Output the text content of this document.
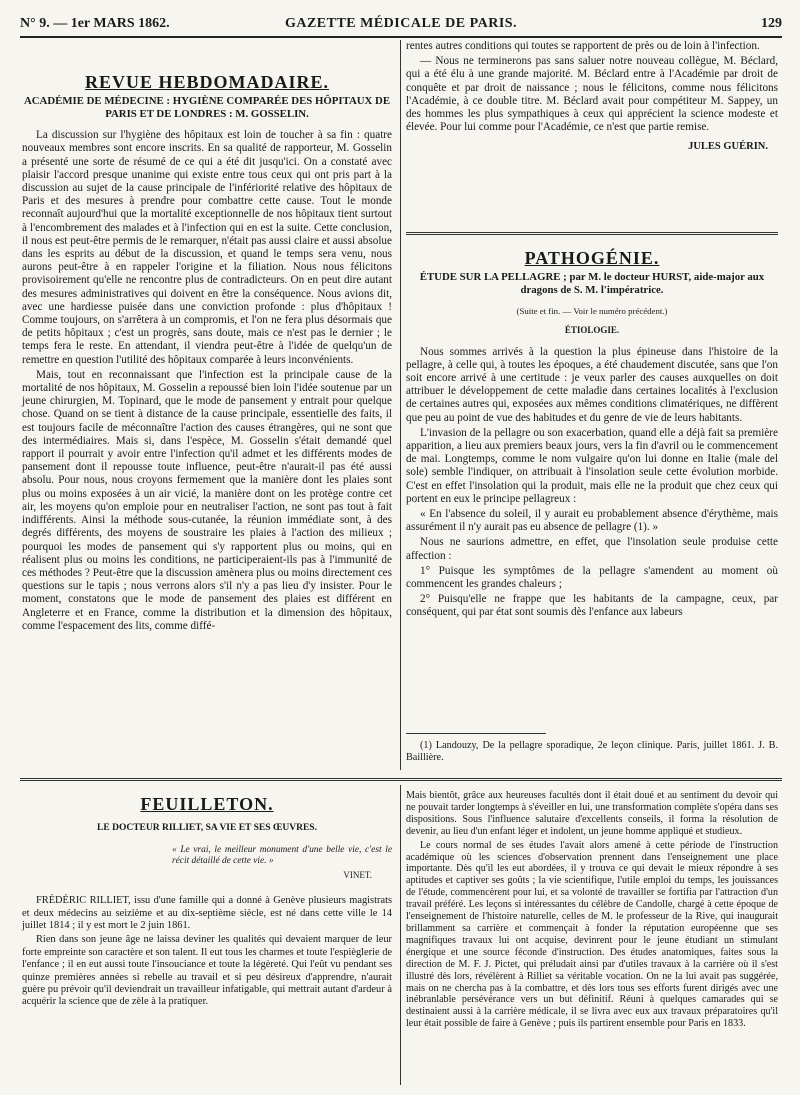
N° 9. — 1er MARS 1862.	GAZETTE MÉDICALE DE PARIS.	129
REVUE HEBDOMADAIRE.
ACADÉMIE DE MÉDECINE : HYGIÈNE COMPARÉE DES HÔPITAUX DE PARIS ET DE LONDRES : M. GOSSELIN.

La discussion sur l'hygiène des hôpitaux est loin de toucher à sa fin : quatre nouveaux membres sont encore inscrits. En sa qualité de rapporteur, M. Gosselin a présenté une sorte de résumé de ce qui a été dit jusqu'ici. On a constaté avec plaisir l'accord presque unanime qui existe entre tous ceux qui ont pris part à la discussion au sujet de la cause principale de l'infériorité relative des hôpitaux de Paris et des mesures à prendre pour combattre cette cause. Tout le monde reconnaît aujourd'hui que la mortalité exceptionnelle de nos hôpitaux tient surtout à l'encombrement des malades et à l'infection qui en est la suite. Cette conclusion, il nous est peut-être permis de le remarquer, n'était pas aussi claire et aussi absolue dans les esprits au début de la discussion, et quand le temps sera venu, nous aurons peut-être à en rappeler l'origine et la filiation. Nous nous félicitons provisoirement qu'elle ne rencontre plus de contradicteurs. On en peut dire autant des mesures administratives qui doivent en être la conséquence. Nous avions dit, avec une hardiesse puisée dans une conviction profonde : plus d'hôpitaux ! Comme toujours, on s'arrêtera à un compromis, et l'on ne fera plus désormais que de petits hôpitaux ; c'est un progrès, sans doute, mais ce n'est pas le dernier ; le temps fera le reste. En attendant, il viendra peut-être à l'idée de quelqu'un de remettre en question l'utilité des hôpitaux comparée à leurs inconvénients.

Mais, tout en reconnaissant que l'infection est la principale cause de la mortalité de nos hôpitaux, M. Gosselin a repoussé bien loin l'idée soutenue par un jeune chirurgien, M. Topinard, que le mode de pansement y entrait pour quelque chose. Quand on se tient à distance de la cause principale, essentielle des faits, il est toujours facile de méconnaître l'action des causes étrangères, qui ne sont que des intermédiaires. Mais si, dans l'espèce, M. Gosselin s'était demandé quel rapport il pourrait y avoir entre l'infection qu'il admet et les différents modes de pansement dont il repousse toute influence, peut-être n'aurait-il pas été aussi absolu. Pour nous, nous croyons fermement que la manière dont les plaies sont plus ou moins exposées à un air vicié, la manière dont on les protège contre cet air, les moyens qu'on emploie pour en neutraliser l'action, ne sont pas tout à fait indifférents. Ainsi la méthode sous-cutanée, la réunion immédiate sont, à des degrés différents, des moyens de soustraire les plaies à l'action des milieux ; pourquoi les modes de pansement qui s'y rapportent plus ou moins, qui en réalisent plus ou moins les conditions, ne participeraient-ils pas à l'immunité de ces méthodes ? Peut-être que la discussion amènera plus ou moins directement ces questions sur le tapis ; nous verrons alors s'il n'y a pas lieu d'y insister. Pour le moment, constatons que le mode de pansement des plaies est différent en Angleterre et en France, comme la distribution et la dimension des hôpitaux, comme l'espacement des lits, comme diffé-

rentes autres conditions qui toutes se rapportent de près ou de loin à l'infection.

— Nous ne terminerons pas sans saluer notre nouveau collègue, M. Béclard, qui a été élu à une grande majorité. M. Béclard entre à l'Académie par droit de conquête et par droit de naissance ; nous le félicitons, comme nous félicitons l'Académie, à ce double titre. M. Béclard avait pour compétiteur M. Sappey, un des hommes les plus sympathiques à ceux qui apprécient la science modeste et élevée. Pour lui comme pour l'Académie, ce n'est que partie remise.

JULES GUÉRIN.
PATHOGÉNIE.
ÉTUDE SUR LA PELLAGRE ; par M. le docteur HURST, aide-major aux dragons de S. M. l'impératrice.
(Suite et fin. — Voir le numéro précédent.)
ÉTIOLOGIE.

Nous sommes arrivés à la question la plus épineuse dans l'histoire de la pellagre, à celle qui, à toutes les époques, a été chaudement discutée, sans que l'on soit encore arrivé à une certitude : je veux parler des causes auxquelles on doit attribuer le développement de cette maladie dans certaines localités à l'exclusion de certaines autres qui, exposées aux mêmes conditions climatériques, ne diffèrent que peu au point de vue des habitudes et du genre de vie de leurs habitants.

L'invasion de la pellagre ou son exacerbation, quand elle a déjà fait sa première apparition, a lieu aux premiers beaux jours, vers la fin d'avril ou le commencement de mai. Longtemps, comme le nom vulgaire qu'on lui donne en Italie (male del sole) semble l'indiquer, on attribuait à l'insolation seule cette évolution morbide. C'est en effet l'insolation qui la produit, mais elle ne la produit que chez ceux qui portent en eux le principe pellagreux :

« En l'absence du soleil, il y aurait eu probablement absence d'érythème, mais assurément il n'y aurait pas eu absence de pellagre (1). »

Nous ne saurions admettre, en effet, que l'insolation seule produise cette affection :

1° Puisque les symptômes de la pellagre s'amendent au moment où commencent les grandes chaleurs ;

2° Puisqu'elle ne frappe que les habitants de la campagne, ceux, par conséquent, qui par état sont soumis dès l'enfance aux labeurs

(1) Landouzy, De la pellagre sporadique, 2e leçon clinique. Paris, juillet 1861. J. B. Baillière.

FEUILLETON.
LE DOCTEUR RILLIET, SA VIE ET SES ŒUVRES.
« Le vrai, le meilleur monument d'une belle vie, c'est le récit détaillé de cette vie. »
VINET.

FRÉDÉRIC RILLIET, issu d'une famille qui a donné à Genève plusieurs magistrats et deux médecins au seizième et au dix-septième siècle, est né dans cette ville le 14 juillet 1814 ; il y est mort le 2 juin 1861.

Rien dans son jeune âge ne laissa deviner les qualités qui devaient marquer de leur forte empreinte son caractère et son talent. Il eut tous les charmes et toute l'espièglerie de l'enfance ; il en eut aussi toute l'insouciance et toute la légèreté. Qui l'eût vu pendant ses quinze premières années si rebelle au travail et si peu désireux d'apprendre, n'aurait guère pu prévoir qu'il deviendrait un travailleur infatigable, qui mettrait autant d'ardeur à acquérir la science que de zèle à la pratiquer.

Mais bientôt, grâce aux heureuses facultés dont il était doué et au sentiment du devoir qui ne pouvait tarder longtemps à s'éveiller en lui, une transformation complète s'opéra dans ses dispositions. Sous l'influence salutaire d'excellents conseils, il forma la résolution de devenir, au lieu d'un enfant léger et indolent, un jeune homme appliqué et studieux.

Le cours normal de ses études l'avait alors amené à cette période de l'instruction académique où les sciences d'observation prennent dans l'enseignement une place importante. Dès qu'il les eut abordées, il y trouva ce qui devait le mieux répondre à ses aptitudes et captiver ses goûts ; la vie scientifique, l'utile emploi du temps, les jouissances de l'étude, commencèrent pour lui, et sa volonté de travailler se fortifia par l'attraction d'un travail préféré. Les leçons si intéressantes du célèbre de Candolle, chargé à cette époque de l'enseignement de l'histoire naturelle, celles de M. le professeur de la Rive, qui inaugurait brillamment sa carrière et commençait à fonder la réputation européenne que ses magnifiques travaux lui ont acquise, devinrent pour le jeune étudiant un stimulant énergique et une source féconde d'instruction. Des études anatomiques, faites sous la direction de M. F. J. Pictet, qui préludait ainsi par d'utiles travaux à la carrière où il s'est illustré dès lors, révélèrent à Rilliet sa véritable vocation. On ne la lui avait pas suggérée, mais on ne chercha pas à la combattre, et dès lors tous ses efforts furent dirigés avec une inébranlable persévérance vers un but définitif. Réuni à quelques camarades qui se destinaient aussi à la carrière médicale, il se livra avec eux aux travaux préparatoires qu'il leur était possible de faire à Genève ; puis ils partirent ensemble pour Paris en 1833.
